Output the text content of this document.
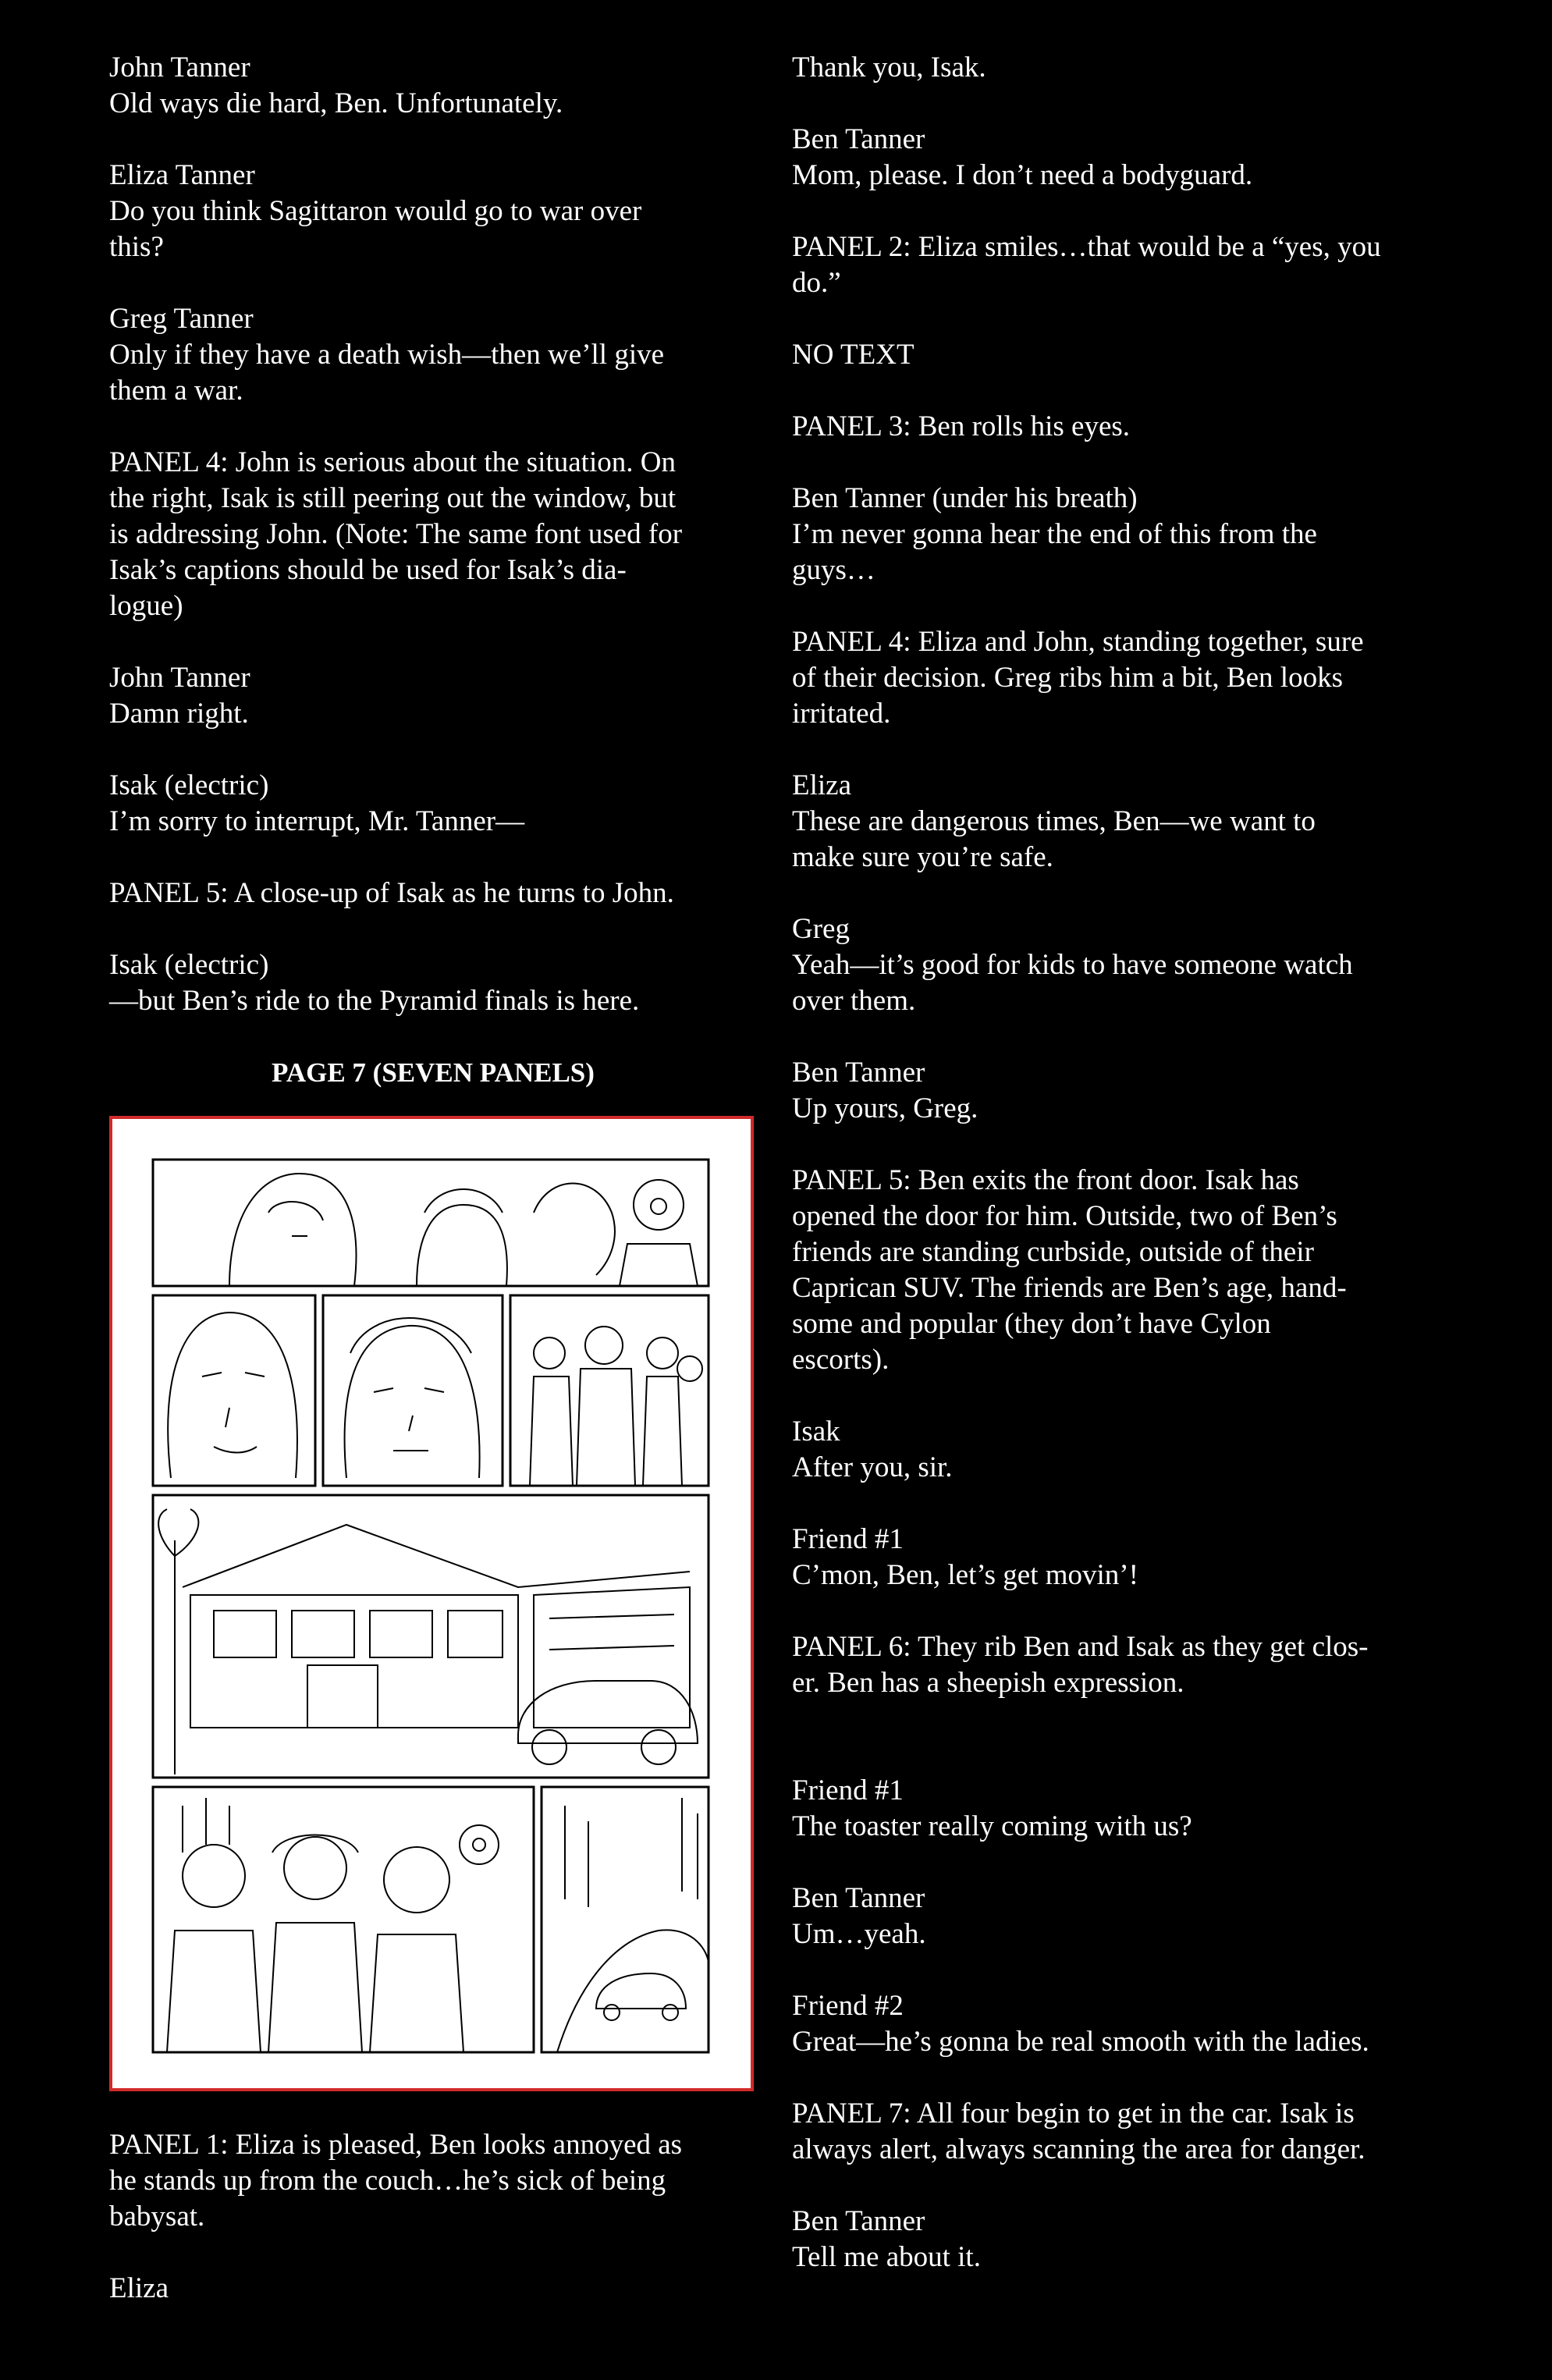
John Tanner
Old ways die hard, Ben. Unfortunately.
Eliza Tanner
Do you think Sagittaron would go to war over
this?
Greg Tanner
Only if they have a death wish—then we’ll give
them a war.
PANEL 4: John is serious about the situation. On
the right, Isak is still peering out the window, but
is addressing John. (Note: The same font used for
Isak’s captions should be used for Isak’s dia-
logue)
John Tanner
Damn right.
Isak (electric)
I’m sorry to interrupt, Mr. Tanner—
PANEL 5: A close-up of Isak as he turns to John.
Isak (electric)
—but Ben’s ride to the Pyramid finals is here.
PAGE 7 (SEVEN PANELS)
PANEL 1: Eliza is pleased, Ben looks annoyed as
he stands up from the couch…he’s sick of being
babysat.
Eliza
Thank you, Isak.
Ben Tanner
Mom, please. I don’t need a bodyguard.
PANEL 2: Eliza smiles…that would be a “yes, you
do.”
NO TEXT
PANEL 3: Ben rolls his eyes.
Ben Tanner (under his breath)
I’m never gonna hear the end of this from the
guys…
PANEL 4: Eliza and John, standing together, sure
of their decision. Greg ribs him a bit, Ben looks
irritated.
Eliza
These are dangerous times, Ben—we want to
make sure you’re safe.
Greg
Yeah—it’s good for kids to have someone watch
over them.
Ben Tanner
Up yours, Greg.
PANEL 5: Ben exits the front door. Isak has
opened the door for him. Outside, two of Ben’s
friends are standing curbside, outside of their
Caprican SUV. The friends are Ben’s age, hand-
some and popular (they don’t have Cylon
escorts).
Isak
After you, sir.
Friend #1
C’mon, Ben, let’s get movin’!
PANEL 6: They rib Ben and Isak as they get clos-
er. Ben has a sheepish expression.
Friend #1
The toaster really coming with us?
Ben Tanner
Um…yeah.
Friend #2
Great—he’s gonna be real smooth with the ladies.
PANEL 7: All four begin to get in the car. Isak is
always alert, always scanning the area for danger.
Ben Tanner
Tell me about it.
